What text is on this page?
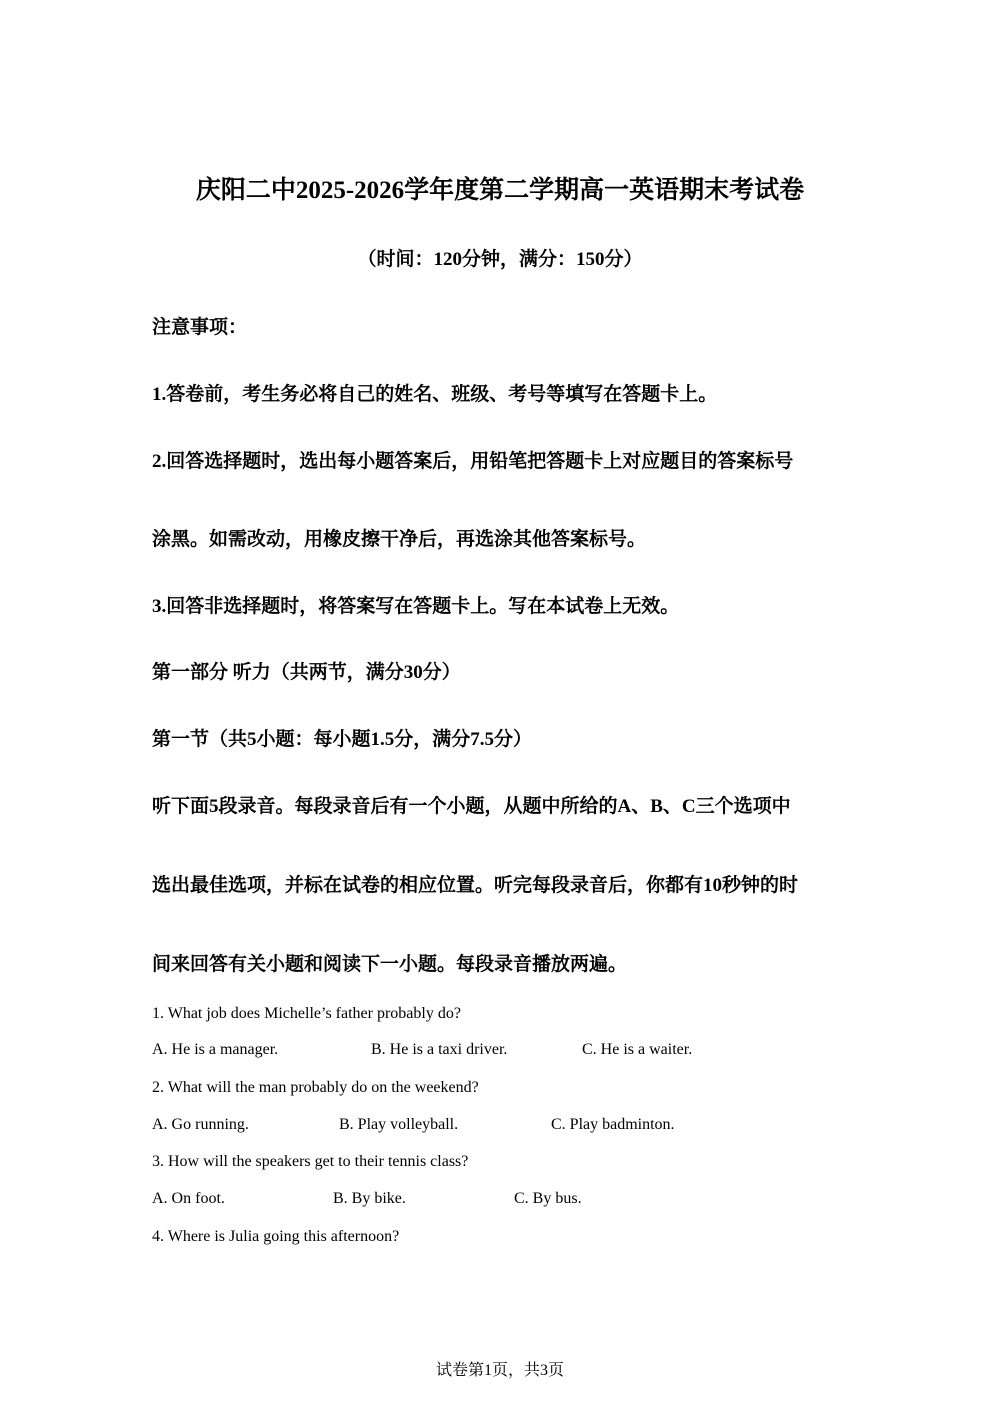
庆阳二中2025-2026学年度第二学期高一英语期末考试卷
（时间：120分钟，满分：150分）
注意事项：
1.答卷前，考生务必将自己的姓名、班级、考号等填写在答题卡上。
2.回答选择题时，选出每小题答案后，用铅笔把答题卡上对应题目的答案标号
涂黑。如需改动，用橡皮擦干净后，再选涂其他答案标号。
3.回答非选择题时，将答案写在答题卡上。写在本试卷上无效。
第一部分 听力（共两节，满分30分）
第一节（共5小题：每小题1.5分，满分7.5分）
听下面5段录音。每段录音后有一个小题，从题中所给的A、B、C三个选项中
选出最佳选项，并标在试卷的相应位置。听完每段录音后，你都有10秒钟的时
间来回答有关小题和阅读下一小题。每段录音播放两遍。
1. What job does Michelle’s father probably do?
A. He is a manager.	B. He is a taxi driver.	C. He is a waiter.
2. What will the man probably do on the weekend?
A. Go running.	B. Play volleyball.	C. Play badminton.
3. How will the speakers get to their tennis class?
A. On foot.	B. By bike.	C. By bus.
4. Where is Julia going this afternoon?
试卷第1页，共3页
